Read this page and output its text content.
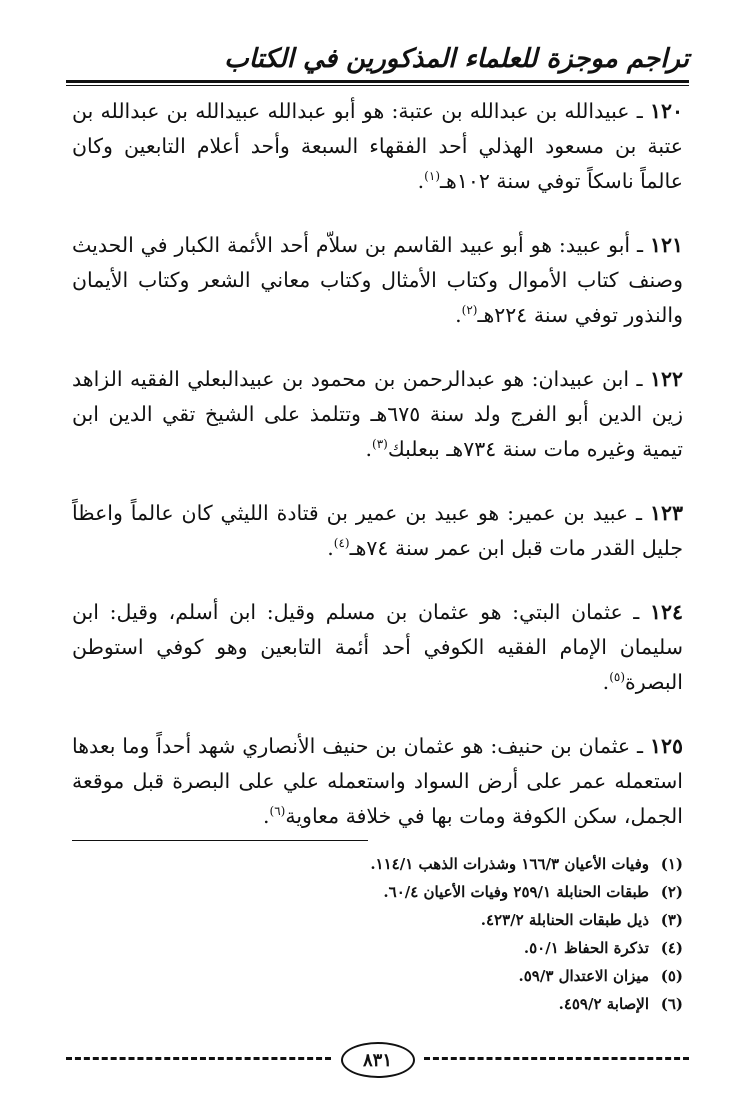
تراجم موجزة للعلماء المذكورين في الكتاب

١٢٠ ـ عبيدالله بن عبدالله بن عتبة: هو أبو عبدالله عبيدالله بن عبدالله بن عتبة بن مسعود الهذلي أحد الفقهاء السبعة وأحد أعلام التابعين وكان عالماً ناسكاً توفي سنة ١٠٢هـ$^{(١)}$.

١٢١ ـ أبو عبيد: هو أبو عبيد القاسم بن سلاّم أحد الأئمة الكبار في الحديث وصنف كتاب الأموال وكتاب الأمثال وكتاب معاني الشعر وكتاب الأيمان والنذور توفي سنة ٢٢٤هـ$^{(٢)}$.

١٢٢ ـ ابن عبيدان: هو عبدالرحمن بن محمود بن عبيدالبعلي الفقيه الزاهد زين الدين أبو الفرج ولد سنة ٦٧٥هـ وتتلمذ على الشيخ تقي الدين ابن تيمية وغيره مات سنة ٧٣٤هـ ببعلبك$^{(٣)}$.

١٢٣ ـ عبيد بن عمير: هو عبيد بن عمير بن قتادة الليثي كان عالماً واعظاً جليل القدر مات قبل ابن عمر سنة ٧٤هـ$^{(٤)}$.

١٢٤ ـ عثمان البتي: هو عثمان بن مسلم وقيل: ابن أسلم، وقيل: ابن سليمان الإمام الفقيه الكوفي أحد أئمة التابعين وهو كوفي استوطن البصرة$^{(٥)}$.

١٢٥ ـ عثمان بن حنيف: هو عثمان بن حنيف الأنصاري شهد أحداً وما بعدها استعمله عمر على أرض السواد واستعمله علي على البصرة قبل موقعة الجمل، سكن الكوفة ومات بها في خلافة معاوية$^{(٦)}$.

(١)وفيات الأعيان ١٦٦/٣ وشذرات الذهب ١١٤/١.
(٢)طبقات الحنابلة ٢٥٩/١ وفيات الأعيان ٦٠/٤.
(٣)ذيل طبقات الحنابلة ٤٢٣/٢.
(٤)تذكرة الحفاظ ٥٠/١.
(٥)ميزان الاعتدال ٥٩/٣.
(٦)الإصابة ٤٥٩/٢.
٨٣١
